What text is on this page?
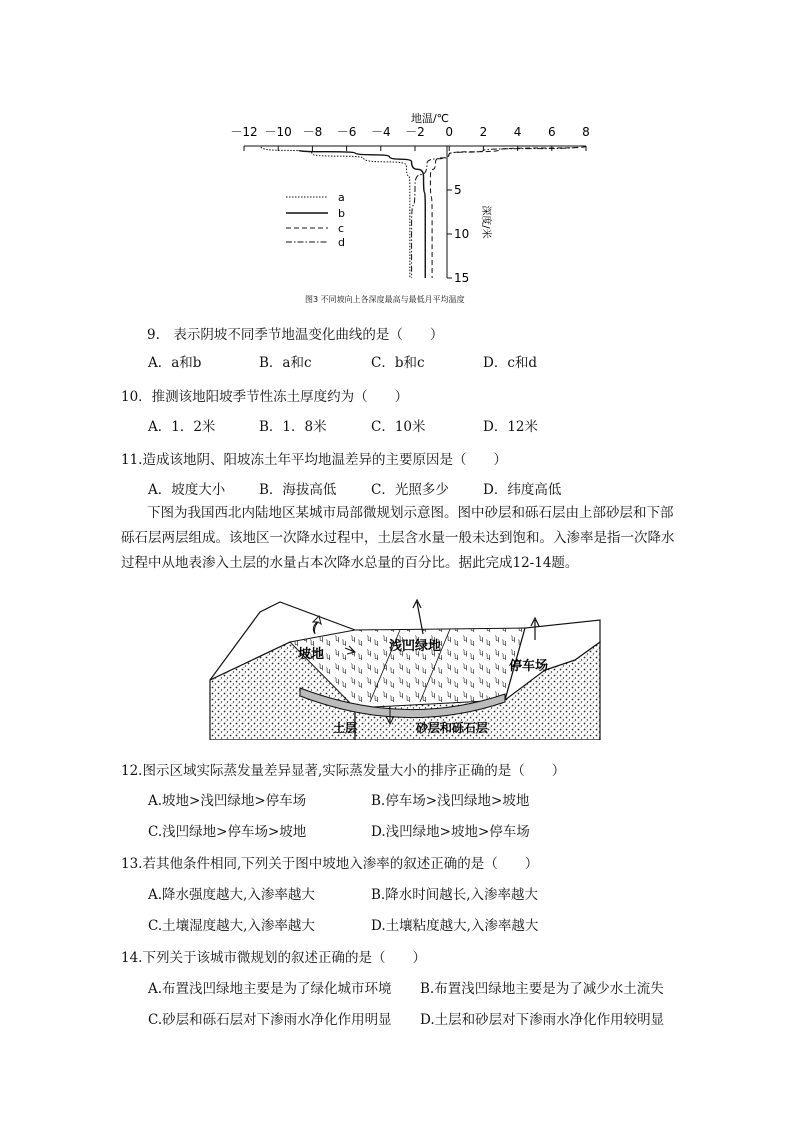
地温/℃
－12 －10 －8 －6 －4 －2 0 2 4 6 8
5
10
15
深度/米
a
b
c
d
图3 不同坡向上各深度最高与最低月平均温度
9.　表示阴坡不同季节地温变化曲线的是（　　）
A．a和b	B．a和c	C．b和c	D．c和d
10．推测该地阳坡季节性冻土厚度约为（　　）
A．1．2米	B．1．8米	C．10米	D．12米
11.造成该地阴、阳坡冻土年平均地温差异的主要原因是（　　）
A．坡度大小	B．海拔高低	C．光照多少	D．纬度高低
下图为我国西北内陆地区某城市局部微规划示意图。图中砂层和砾石层由上部砂层和下部砾石层两层组成。该地区一次降水过程中，土层含水量一般未达到饱和。入渗率是指一次降水过程中从地表渗入土层的水量占本次降水总量的百分比。据此完成12-14题。
坡地
浅凹绿地
停车场
土层	砂层和砾石层
12.图示区域实际蒸发量差异显著,实际蒸发量大小的排序正确的是（　　）
A.坡地>浅凹绿地>停车场	B.停车场>浅凹绿地>坡地
C.浅凹绿地>停车场>坡地	D.浅凹绿地>坡地>停车场
13.若其他条件相同,下列关于图中坡地入渗率的叙述正确的是（　　）
A.降水强度越大,入渗率越大	B.降水时间越长,入渗率越大
C.土壤湿度越大,入渗率越大	D.土壤粘度越大,入渗率越大
14.下列关于该城市微规划的叙述正确的是（　　）
A.布置浅凹绿地主要是为了绿化城市环境 B.布置浅凹绿地主要是为了减少水土流失
C.砂层和砾石层对下渗雨水净化作用明显 D.土层和砂层对下渗雨水净化作用较明显
